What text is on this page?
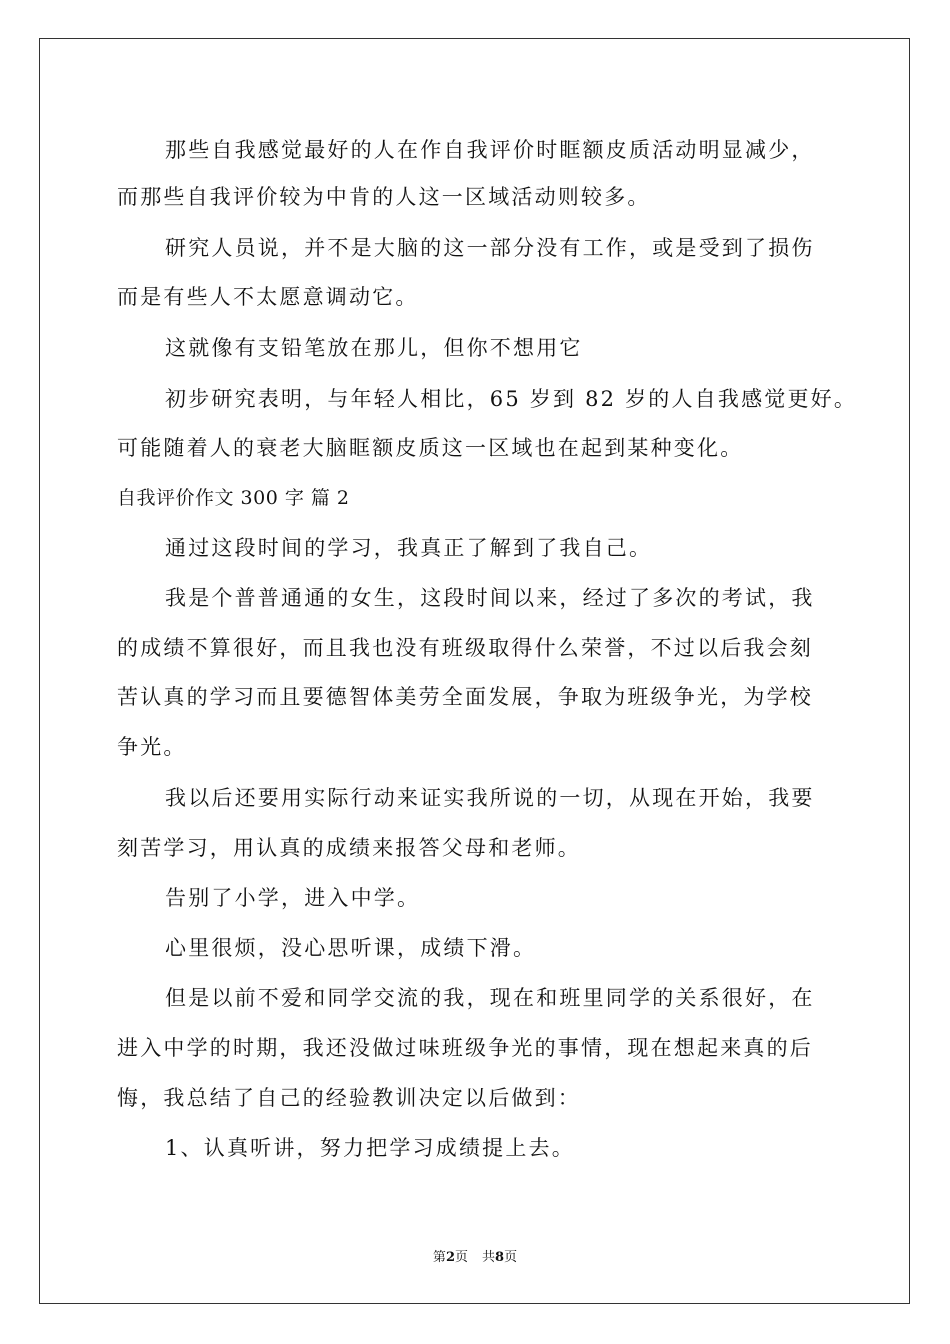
那些自我感觉最好的人在作自我评价时眶额皮质活动明显减少，
而那些自我评价较为中肯的人这一区域活动则较多。
研究人员说，并不是大脑的这一部分没有工作，或是受到了损伤
而是有些人不太愿意调动它。
这就像有支铅笔放在那儿，但你不想用它
初步研究表明，与年轻人相比，65 岁到 82 岁的人自我感觉更好。
可能随着人的衰老大脑眶额皮质这一区域也在起到某种变化。
自我评价作文 300 字 篇 2
通过这段时间的学习，我真正了解到了我自己。
我是个普普通通的女生，这段时间以来，经过了多次的考试，我
的成绩不算很好，而且我也没有班级取得什么荣誉，不过以后我会刻
苦认真的学习而且要德智体美劳全面发展，争取为班级争光，为学校
争光。
我以后还要用实际行动来证实我所说的一切，从现在开始，我要
刻苦学习，用认真的成绩来报答父母和老师。
告别了小学，进入中学。
心里很烦，没心思听课，成绩下滑。
但是以前不爱和同学交流的我，现在和班里同学的关系很好，在
进入中学的时期，我还没做过味班级争光的事情，现在想起来真的后
悔，我总结了自己的经验教训决定以后做到：
1、认真听讲，努力把学习成绩提上去。
第2页 共8页
